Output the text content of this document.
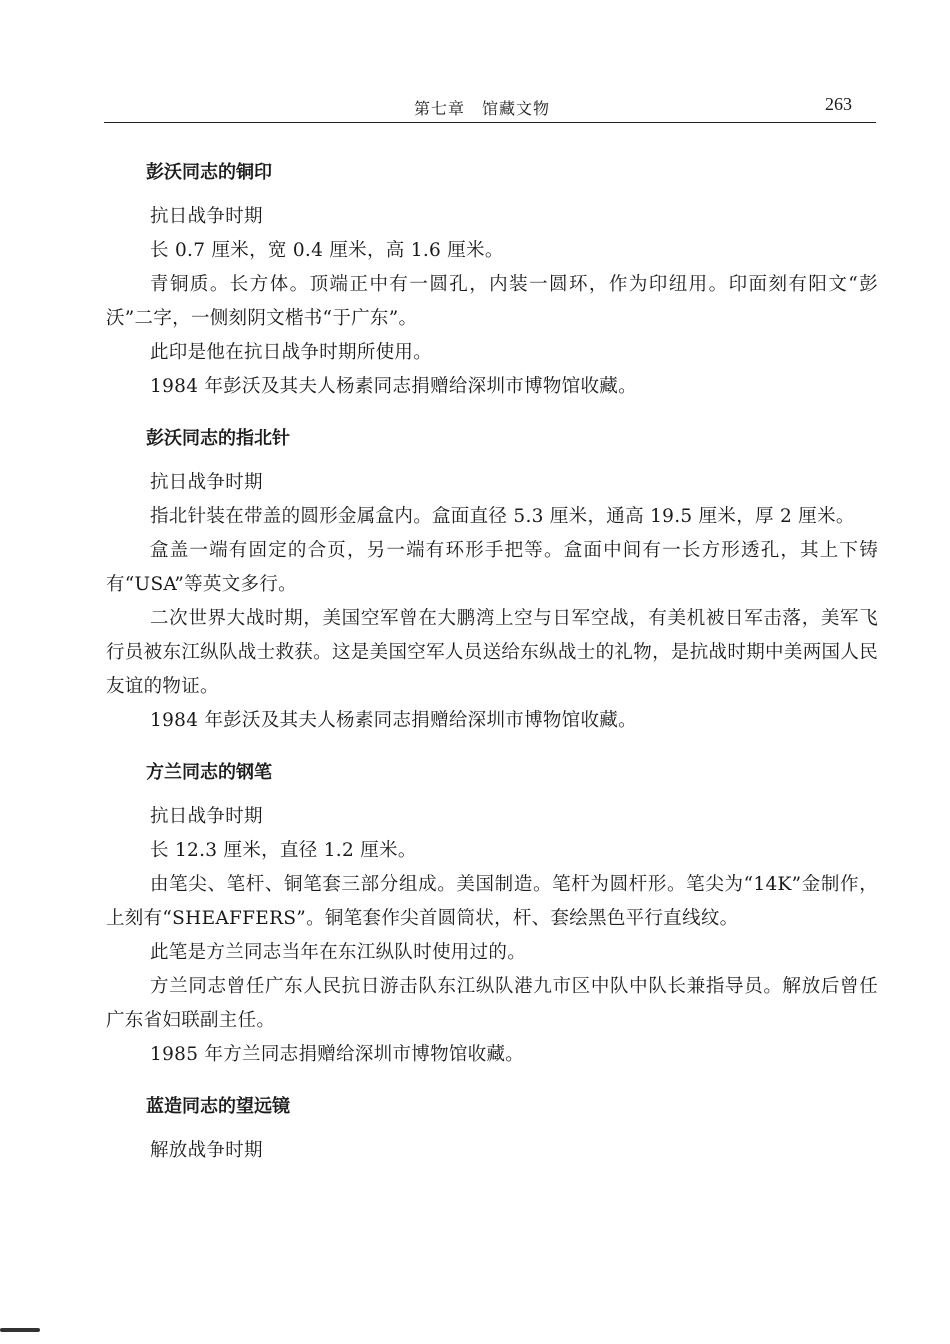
第七章　馆藏文物	263
彭沃同志的铜印

抗日战争时期

长 0.7 厘米，宽 0.4 厘米，高 1.6 厘米。

青铜质。长方体。顶端正中有一圆孔，内装一圆环，作为印纽用。印面刻有阳文“彭沃”二字，一侧刻阴文楷书“于广东”。

此印是他在抗日战争时期所使用。

1984 年彭沃及其夫人杨素同志捐赠给深圳市博物馆收藏。

彭沃同志的指北针

抗日战争时期

指北针装在带盖的圆形金属盒内。盒面直径 5.3 厘米，通高 19.5 厘米，厚 2 厘米。

盒盖一端有固定的合页，另一端有环形手把等。盒面中间有一长方形透孔，其上下铸有“USA”等英文多行。

二次世界大战时期，美国空军曾在大鹏湾上空与日军空战，有美机被日军击落，美军飞行员被东江纵队战士救获。这是美国空军人员送给东纵战士的礼物，是抗战时期中美两国人民友谊的物证。

1984 年彭沃及其夫人杨素同志捐赠给深圳市博物馆收藏。

方兰同志的钢笔

抗日战争时期

长 12.3 厘米，直径 1.2 厘米。

由笔尖、笔杆、铜笔套三部分组成。美国制造。笔杆为圆杆形。笔尖为“14K”金制作，上刻有“SHEAFFERS”。铜笔套作尖首圆筒状，杆、套绘黑色平行直线纹。

此笔是方兰同志当年在东江纵队时使用过的。

方兰同志曾任广东人民抗日游击队东江纵队港九市区中队中队长兼指导员。解放后曾任广东省妇联副主任。

1985 年方兰同志捐赠给深圳市博物馆收藏。

蓝造同志的望远镜

解放战争时期
